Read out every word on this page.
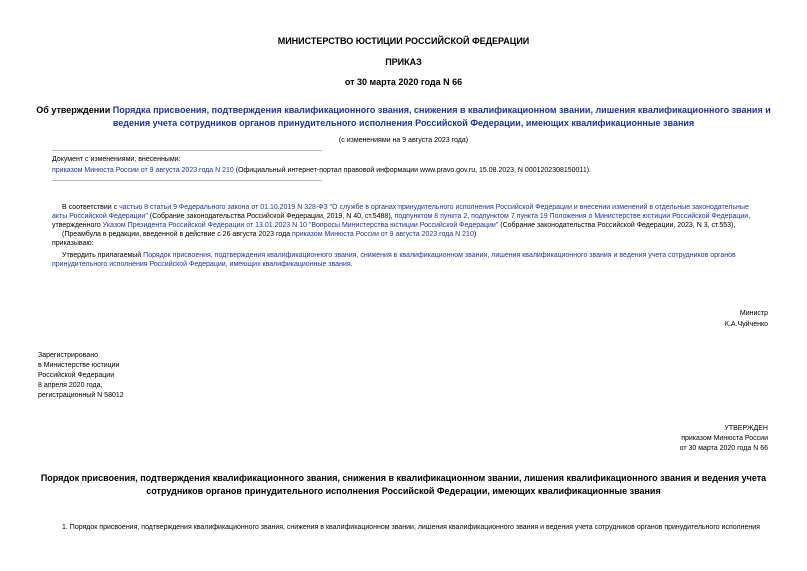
МИНИСТЕРСТВО ЮСТИЦИИ РОССИЙСКОЙ ФЕДЕРАЦИИ
ПРИКАЗ
от 30 марта 2020 года N 66
Об утверждении Порядка присвоения, подтверждения квалификационного звания, снижения в квалификационном звании, лишения квалификационного звания и
ведения учета сотрудников органов принудительного исполнения Российской Федерации, имеющих квалификационные звания
(с изменениями на 9 августа 2023 года)
Документ с изменениями, внесенными:
приказом Минюста России от 9 августа 2023 года N 210 (Официальный интернет-портал правовой информации www.pravo.gov.ru, 15.08.2023, N 0001202308150011).
В соответствии с частью 8 статьи 9 Федерального закона от 01.10.2019 N 328-ФЗ "О службе в органах принудительного исполнения Российской Федерации и внесении изменений в отдельные законодательные
акты Российской Федерации" (Собрание законодательства Российской Федерации, 2019, N 40, ст.5488), подпунктом 8 пункта 2, подпунктом 7 пункта 19 Положения о Министерстве юстиции Российской Федерации,
утвержденного Указом Президента Российской Федерации от 13.01.2023 N 10 "Вопросы Министерства юстиции Российской Федерации" (Собрание законодательства Российской Федерации, 2023, N 3, ст.553),
(Преамбула в редакции, введенной в действие с 26 августа 2023 года приказом Минюста России от 9 августа 2023 года N 210)
приказываю:
Утвердить прилагаемый Порядок присвоения, подтверждения квалификационного звания, снижения в квалификационном звании, лишения квалификационного звания и ведения учета сотрудников органов
принудительного исполнения Российской Федерации, имеющих квалификационные звания.
Министр
К.А.Чуйченко
Зарегистрировано
в Министерстве юстиции
Российской Федерации
8 апреля 2020 года,
регистрационный N 58012
УТВЕРЖДЕН
приказом Минюста России
от 30 марта 2020 года N 66
Порядок присвоения, подтверждения квалификационного звания, снижения в квалификационном звании, лишения квалификационного звания и ведения учета
сотрудников органов принудительного исполнения Российской Федерации, имеющих квалификационные звания
1. Порядок присвоения, подтверждения квалификационного звания, снижения в квалификационном звании, лишения квалификационного звания и ведения учета сотрудников органов принудительного исполнения
